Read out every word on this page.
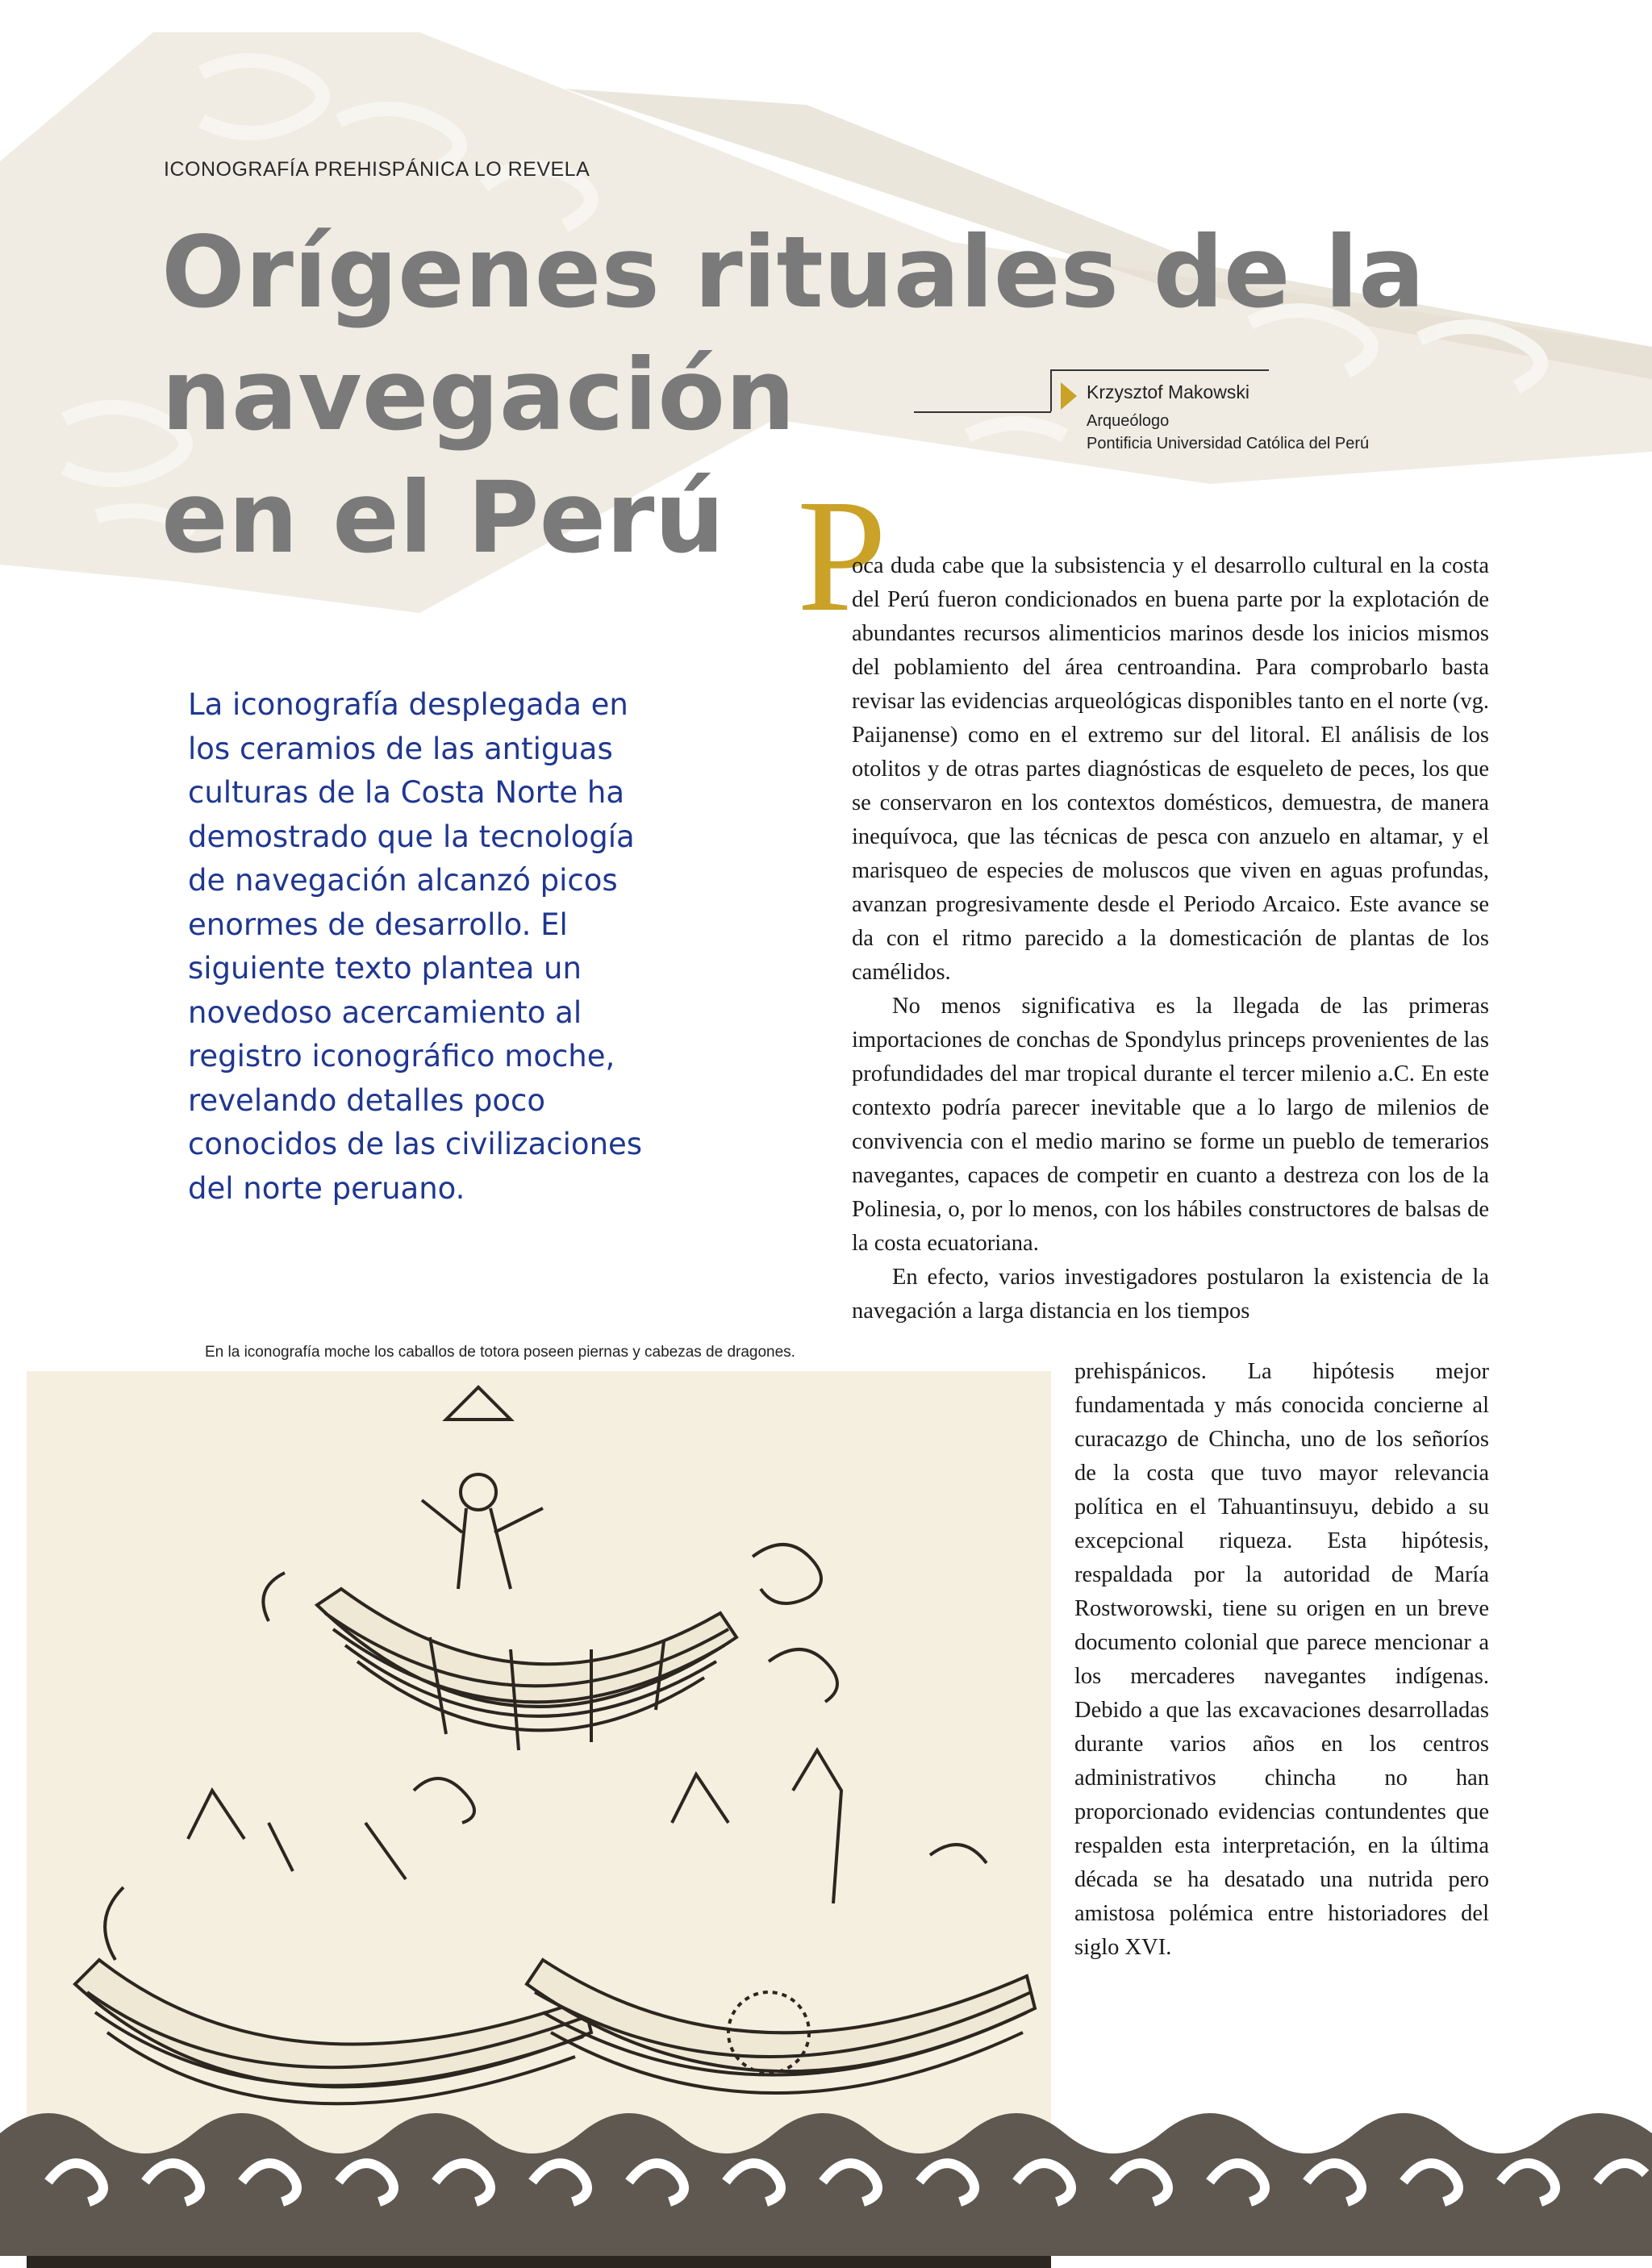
ICONOGRAFÍA PREHISPÁNICA LO REVELA
Orígenes rituales de la
navegación
en el Perú
Krzysztof Makowski
Arqueólogo
Pontificia Universidad Católica del Perú
La iconografía desplegada en los ceramios de las antiguas culturas de la Costa Norte ha demostrado que la tecnología de navegación alcanzó picos enormes de desarrollo. El siguiente texto plantea un novedoso acercamiento al registro iconográfico moche, revelando detalles poco conocidos de las civilizaciones del norte peruano.
P

oca duda cabe que la subsistencia y el desarrollo cultural en la costa del Perú fueron condicionados en buena parte por la explotación de abundantes recursos alimenticios marinos desde los inicios mismos del poblamiento del área centroandina. Para comprobarlo basta revisar las evidencias arqueológicas disponibles tanto en el norte (vg. Paijanense) como en el extremo sur del litoral. El análisis de los otolitos y de otras partes diagnósticas de esqueleto de peces, los que se conservaron en los contextos domésticos, demuestra, de manera inequívoca, que las técnicas de pesca con anzuelo en altamar, y el marisqueo de especies de moluscos que viven en aguas profundas, avanzan progresivamente desde el Periodo Arcaico. Este avance se da con el ritmo parecido a la domesticación de plantas de los camélidos.

No menos significativa es la llegada de las primeras importaciones de conchas de Spondylus princeps provenientes de las profundidades del mar tropical durante el tercer milenio a.C. En este contexto podría parecer inevitable que a lo largo de milenios de convivencia con el medio marino se forme un pueblo de temerarios navegantes, capaces de competir en cuanto a destreza con los de la Polinesia, o, por lo menos, con los hábiles constructores de balsas de la costa ecuatoriana.

En efecto, varios investigadores postularon la existencia de la navegación a larga distancia en los tiempos

prehispánicos. La hipótesis mejor fundamentada y más conocida concierne al curacazgo de Chincha, uno de los señoríos de la costa que tuvo mayor relevancia política en el Tahuantinsuyu, debido a su excepcional riqueza. Esta hipótesis, respaldada por la autoridad de María Rostworowski, tiene su origen en un breve documento colonial que parece mencionar a los mercaderes navegantes indígenas. Debido a que las excavaciones desarrolladas durante varios años en los centros administrativos chincha no han proporcionado evidencias contundentes que respalden esta interpretación, en la última década se ha desatado una nutrida pero amistosa polémica entre historiadores del siglo XVI.

En la iconografía moche los caballos de totora poseen piernas y cabezas de dragones.
